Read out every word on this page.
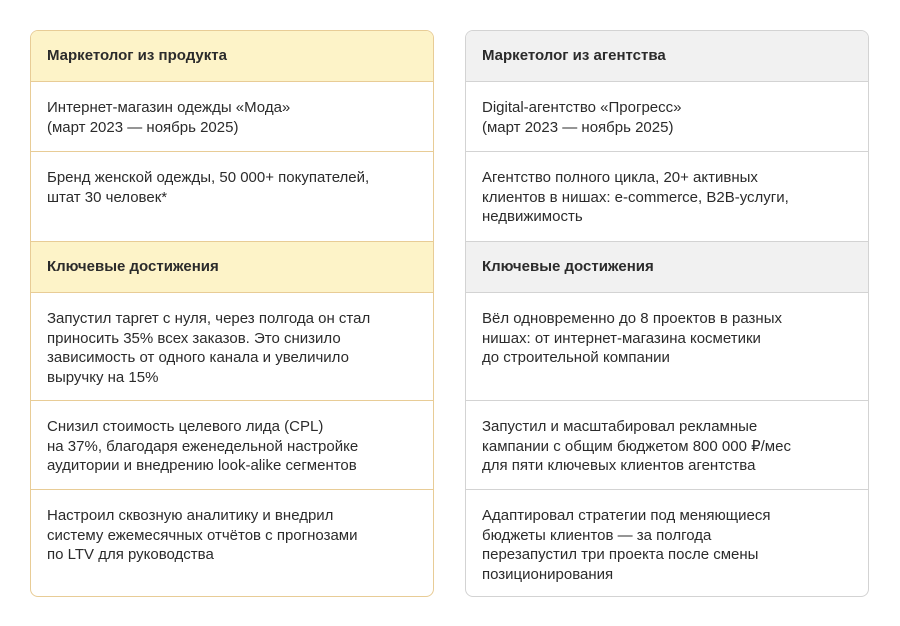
Маркетолог из продукта
Интернет-магазин одежды «Мода»
(март 2023 — ноябрь 2025)
Бренд женской одежды, 50 000+ покупателей,
штат 30 человек*
Ключевые достижения
Запустил таргет с нуля, через полгода он стал
приносить 35% всех заказов. Это снизило
зависимость от одного канала и увеличило
выручку на 15%
Снизил стоимость целевого лида (CPL)
на 37%, благодаря еженедельной настройке
аудитории и внедрению look-alike сегментов
Настроил сквозную аналитику и внедрил
систему ежемесячных отчётов с прогнозами
по LTV для руководства
Маркетолог из агентства
Digital-агентство «Прогресс»
(март 2023 — ноябрь 2025)
Агентство полного цикла, 20+ активных
клиентов в нишах: e-commerce, B2B-услуги,
недвижимость
Ключевые достижения
Вёл одновременно до 8 проектов в разных
нишах: от интернет-магазина косметики
до строительной компании
Запустил и масштабировал рекламные
кампании с общим бюджетом 800 000 ₽/мес
для пяти ключевых клиентов агентства
Адаптировал стратегии под меняющиеся
бюджеты клиентов — за полгода
перезапустил три проекта после смены
позиционирования
